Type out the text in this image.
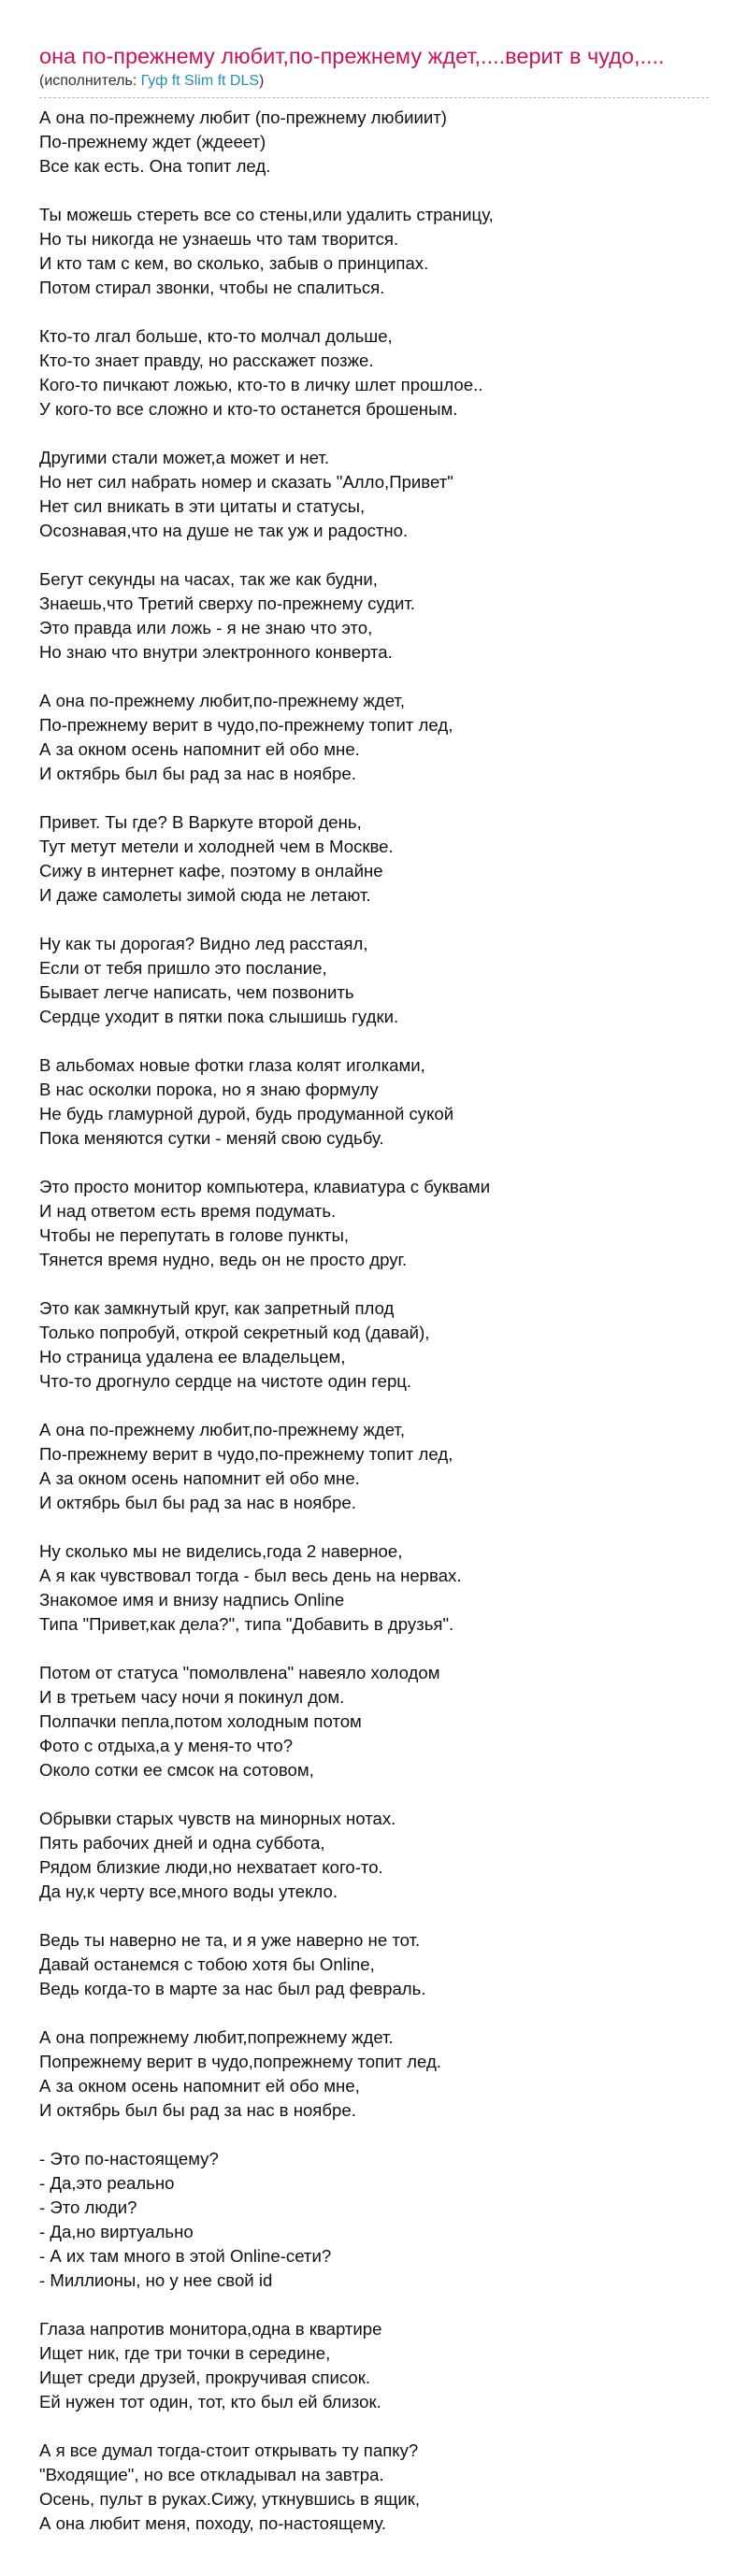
она по-прежнему любит,по-прежнему ждет,....верит в чудо,....
(исполнитель: Гуф ft Slim ft DLS)
А она по-прежнему любит (по-прежнему любииит)
По-прежнему ждет (ждееет)
Все как есть. Она топит лед.
Ты можешь стереть все со стены,или удалить страницу,
Но ты никогда не узнаешь что там творится.
И кто там с кем, во сколько, забыв о принципах.
Потом стирал звонки, чтобы не спалиться.
Кто-то лгал больше, кто-то молчал дольше,
Кто-то знает правду, но расскажет позже.
Кого-то пичкают ложью, кто-то в личку шлет прошлое..
У кого-то все сложно и кто-то останется брошеным.
Другими стали может,а может и нет.
Но нет сил набрать номер и сказать "Алло,Привет"
Нет сил вникать в эти цитаты и статусы,
Осознавая,что на душе не так уж и радостно.
Бегут секунды на часах, так же как будни,
Знаешь,что Третий сверху по-прежнему судит.
Это правда или ложь - я не знаю что это,
Но знаю что внутри электронного конверта.
А она по-прежнему любит,по-прежнему ждет,
По-прежнему верит в чудо,по-прежнему топит лед,
А за окном осень напомнит ей обо мне.
И октябрь был бы рад за нас в ноябре.
Привет. Ты где? В Варкуте второй день,
Тут метут метели и холодней чем в Москве.
Сижу в интернет кафе, поэтому в онлайне
И даже самолеты зимой сюда не летают.
Ну как ты дорогая? Видно лед расстаял,
Если от тебя пришло это послание,
Бывает легче написать, чем позвонить
Сердце уходит в пятки пока слышишь гудки.
В альбомах новые фотки глаза колят иголками,
В нас осколки порока, но я знаю формулу
Не будь гламурной дурой, будь продуманной сукой
Пока меняются сутки - меняй свою судьбу.
Это просто монитор компьютера, клавиатура с буквами
И над ответом есть время подумать.
Чтобы не перепутать в голове пункты,
Тянется время нудно, ведь он не просто друг.
Это как замкнутый круг, как запретный плод
Только попробуй, открой секретный код (давай),
Но страница удалена ее владельцем,
Что-то дрогнуло сердце на чистоте один герц.
А она по-прежнему любит,по-прежнему ждет,
По-прежнему верит в чудо,по-прежнему топит лед,
А за окном осень напомнит ей обо мне.
И октябрь был бы рад за нас в ноябре.
Ну сколько мы не виделись,года 2 наверное,
А я как чувствовал тогда - был весь день на нервах.
Знакомое имя и внизу надпись Online
Типа "Привет,как дела?", типа "Добавить в друзья".
Потом от статуса "помолвлена" навеяло холодом
И в третьем часу ночи я покинул дом.
Полпачки пепла,потом холодным потом
Фото с отдыха,а у меня-то что?
Около сотки ее смсок на сотовом,
Обрывки старых чувств на минорных нотах.
Пять рабочих дней и одна суббота,
Рядом близкие люди,но нехватает кого-то.
Да ну,к черту все,много воды утекло.
Ведь ты наверно не та, и я уже наверно не тот.
Давай останемся с тобою хотя бы Online,
Ведь когда-то в марте за нас был рад февраль.
А она попрежнему любит,попрежнему ждет.
Попрежнему верит в чудо,попрежнему топит лед.
А за окном осень напомнит ей обо мне,
И октябрь был бы рад за нас в ноябре.
- Это по-настоящему?
- Да,это реально
- Это люди?
- Да,но виртуально
- А их там много в этой Online-сети?
- Миллионы, но у нее свой id
Глаза напротив монитора,одна в квартире
Ищет ник, где три точки в середине,
Ищет среди друзей, прокручивая список.
Ей нужен тот один, тот, кто был ей близок.
А я все думал тогда-стоит открывать ту папку?
"Входящие", но все откладывал на завтра.
Осень, пульт в руках.Сижу, уткнувшись в ящик,
А она любит меня, походу, по-настоящему.
